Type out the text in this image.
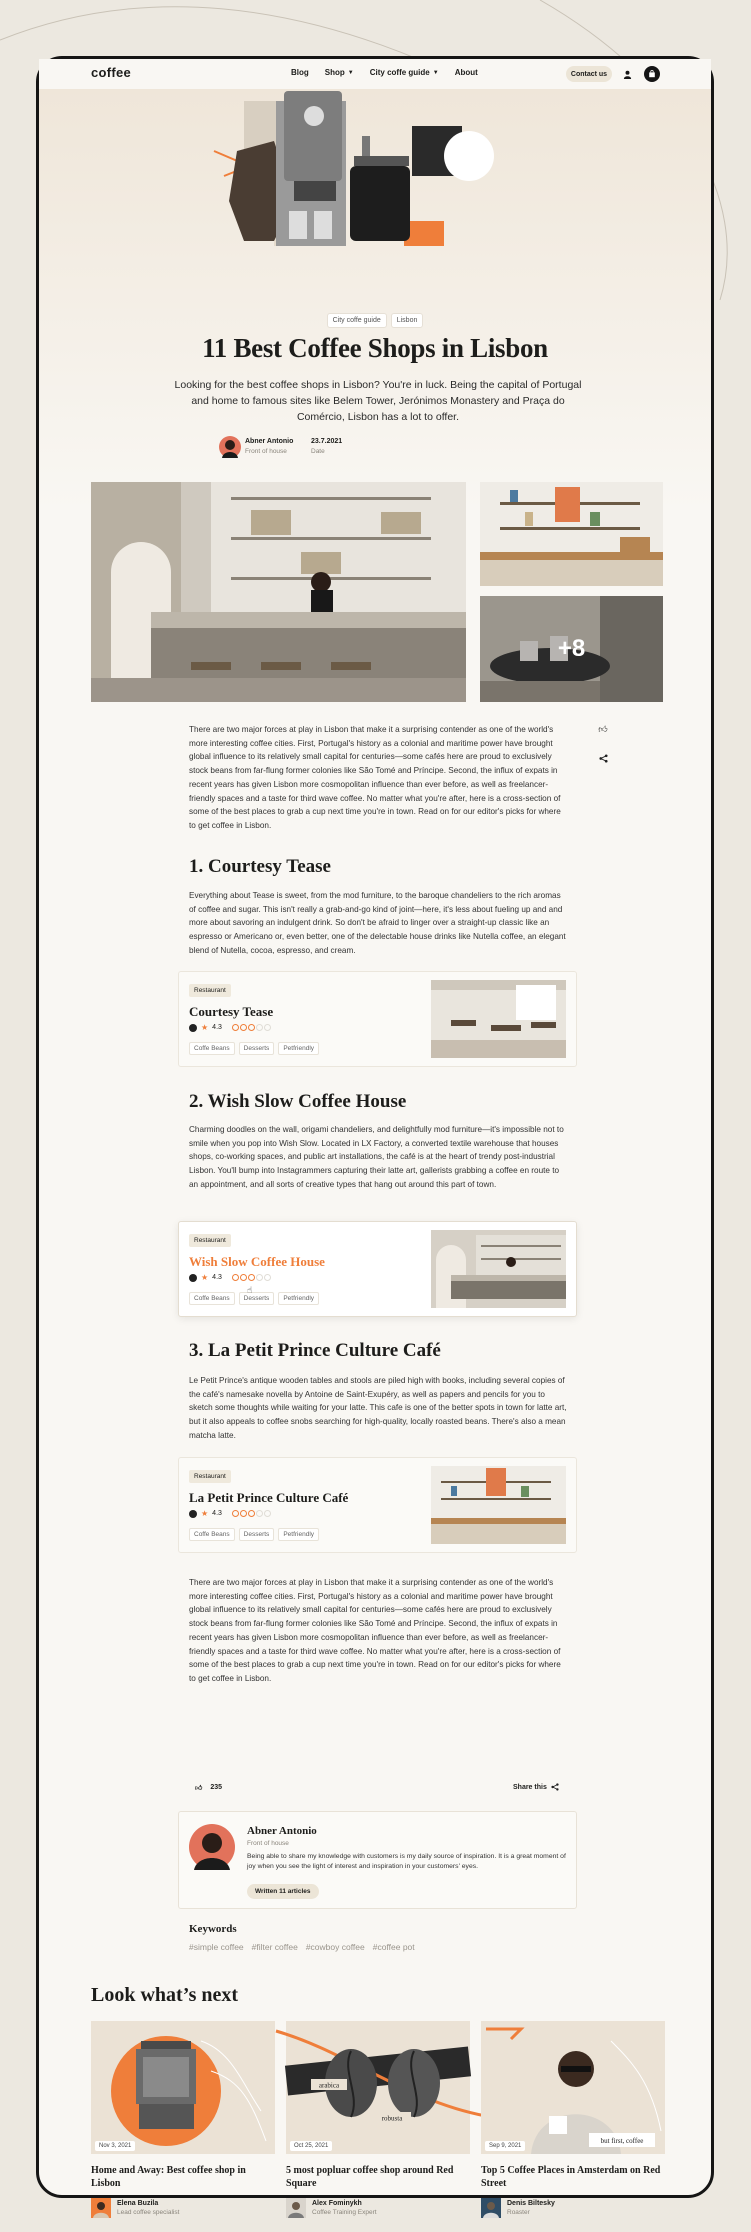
coffee	Blog Shop ▼ City coffe guide ▼ About	Contact us
City coffe guide	Lisbon
11 Best Coffee Shops in Lisbon

Looking for the best coffee shops in Lisbon? You're in luck. Being the capital of Portugal and home to famous sites like Belem Tower, Jerónimos Monastery and Praça do Comércio, Lisbon has a lot to offer.

Abner Antonio
Front of house
23.7.2021
Date
+8
👍︎

There are two major forces at play in Lisbon that make it a surprising contender as one of the world's more interesting coffee cities. First, Portugal's history as a colonial and maritime power have brought global influence to its relatively small capital for centuries—some cafés here are proud to exclusively stock beans from far-flung former colonies like São Tomé and Príncipe. Second, the influx of expats in recent years has given Lisbon more cosmopolitan influence than ever before, as well as freelancer-friendly spaces and a taste for third wave coffee. No matter what you're after, here is a cross-section of some of the best places to grab a cup next time you're in town. Read on for our editor's picks for where to get coffee in Lisbon.

1. Courtesy Tease

Everything about Tease is sweet, from the mod furniture, to the baroque chandeliers to the rich aromas of coffee and sugar. This isn't really a grab-and-go kind of joint—here, it's less about fueling up and and more about savoring an indulgent drink. So don't be afraid to linger over a straight-up classic like an espresso or Americano or, even better, one of the delectable house drinks like Nutella coffee, an elegant blend of Nutella, cocoa, espresso, and cream.

Restaurant
Courtesy Tease
★ 4.3
Coffe Beans	Desserts	Petfriendly
2. Wish Slow Coffee House

Charming doodles on the wall, origami chandeliers, and delightfully mod furniture—it's impossible not to smile when you pop into Wish Slow. Located in LX Factory, a converted textile warehouse that houses shops, co-working spaces, and public art installations, the café is at the heart of trendy post-industrial Lisbon. You'll bump into Instagrammers capturing their latte art, gallerists grabbing a coffee en route to an appointment, and all sorts of creative types that hang out around this part of town.

Restaurant
Wish Slow Coffee House
★ 4.3
Coffe Beans	Desserts	Petfriendly
☝
3. La Petit Prince Culture Café

Le Petit Prince's antique wooden tables and stools are piled high with books, including several copies of the café's namesake novella by Antoine de Saint-Exupéry, as well as papers and pencils for you to sketch some thoughts while waiting for your latte. This cafe is one of the better spots in town for latte art, but it also appeals to coffee snobs searching for high-quality, locally roasted beans. There's also a mean matcha latte.

Restaurant
La Petit Prince Culture Café
★ 4.3
Coffe Beans	Desserts	Petfriendly

There are two major forces at play in Lisbon that make it a surprising contender as one of the world's more interesting coffee cities. First, Portugal's history as a colonial and maritime power have brought global influence to its relatively small capital for centuries—some cafés here are proud to exclusively stock beans from far-flung former colonies like São Tomé and Príncipe. Second, the influx of expats in recent years has given Lisbon more cosmopolitan influence than ever before, as well as freelancer-friendly spaces and a taste for third wave coffee. No matter what you're after, here is a cross-section of some of the best places to grab a cup next time you're in town. Read on for our editor's picks for where to get coffee in Lisbon.

👍︎ 235	Share this
Abner Antonio
Front of house
Being able to share my knowledge with customers is my daily source of inspiration. It is a great moment of joy when you see the light of interest and inspiration in your customers' eyes.
Written 11 articles
Keywords
#simple coffee #filter coffee #cowboy coffee #coffee pot
Look what’s next
Nov 3, 2021
Home and Away: Best coffee shop in Lisbon
Elena Buzila
Lead coffee specialist
arabica
robusta
Oct 25, 2021
5 most popluar coffee shop around Red Square
Alex Fominykh
Coffee Training Expert
but first, coffee
Sep 9, 2021
Top 5 Coffee Places in Amsterdam on Red Street
Denis Biltesky
Roaster
